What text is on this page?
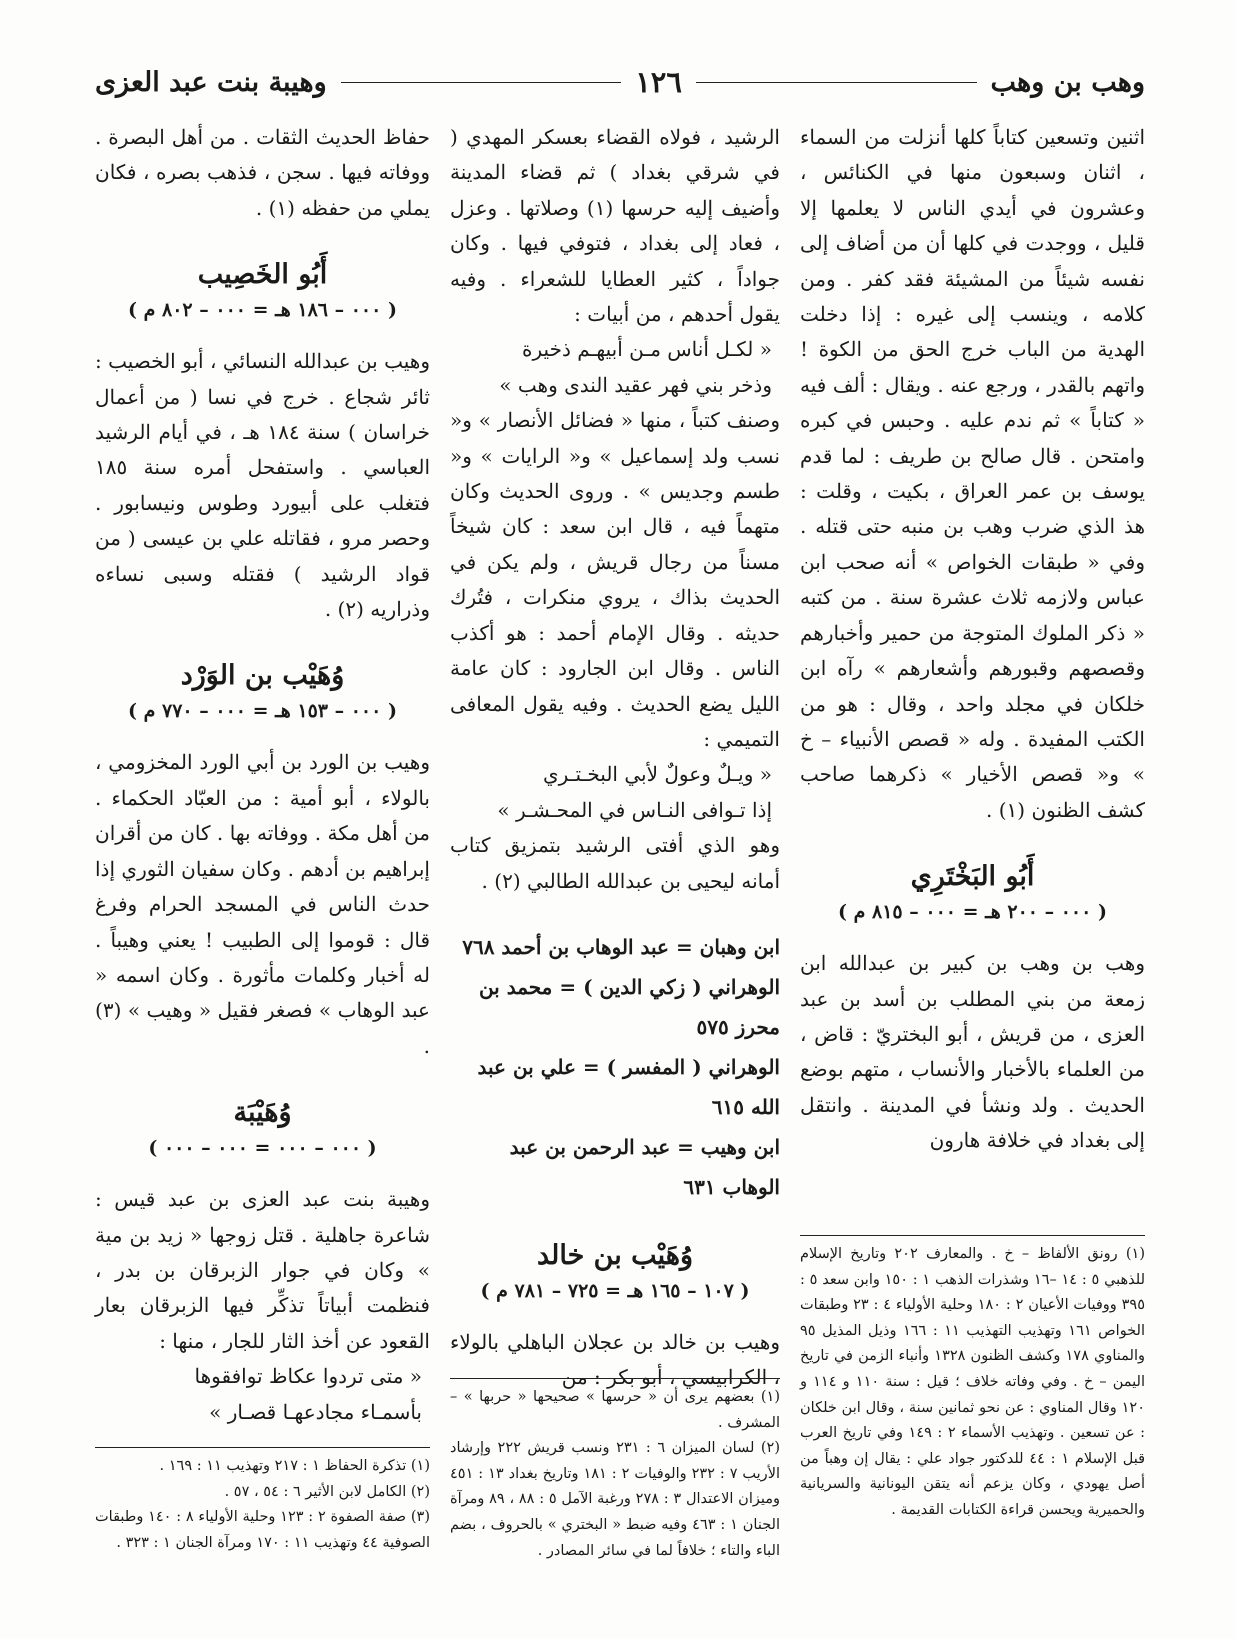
وهب بن وهب
١٢٦
وهيبة بنت عبد العزى

اثنين وتسعين كتاباً كلها أنزلت من السماء ، اثنان وسبعون منها في الكنائس ، وعشرون في أيدي الناس لا يعلمها إلا قليل ، ووجدت في كلها أن من أضاف إلى نفسه شيئاً من المشيئة فقد كفر . ومن كلامه ، وينسب إلى غيره : إذا دخلت الهدية من الباب خرج الحق من الكوة ! واتهم بالقدر ، ورجع عنه . ويقال : ألف فيه « كتاباً » ثم ندم عليه . وحبس في كبره وامتحن . قال صالح بن طريف : لما قدم يوسف بن عمر العراق ، بكيت ، وقلت : هذ الذي ضرب وهب بن منبه حتى قتله . وفي « طبقات الخواص » أنه صحب ابن عباس ولازمه ثلاث عشرة سنة . من كتبه « ذكر الملوك المتوجة من حمير وأخبارهم وقصصهم وقبورهم وأشعارهم » رآه ابن خلكان في مجلد واحد ، وقال : هو من الكتب المفيدة . وله « قصص الأنبياء – خ » و« قصص الأخيار » ذكرهما صاحب كشف الظنون (١) .

أَبُو البَخْتَرِي
( ٠٠٠ – ٢٠٠ هـ = ٠٠٠ – ٨١٥ م )

وهب بن وهب بن كبير بن عبدالله ابن زمعة من بني المطلب بن أسد بن عبد العزى ، من قريش ، أبو البختريّ : قاض ، من العلماء بالأخبار والأنساب ، متهم بوضع الحديث . ولد ونشأ في المدينة . وانتقل إلى بغداد في خلافة هارون

(١) رونق الألفاظ – خ . والمعارف ٢٠٢ وتاريخ الإسلام للذهبي ٥ : ١٤ –١٦ وشذرات الذهب ١ : ١٥٠ وابن سعد ٥ : ٣٩٥ ووفيات الأعيان ٢ : ١٨٠ وحلية الأولياء ٤ : ٢٣ وطبقات الخواص ١٦١ وتهذيب التهذيب ١١ : ١٦٦ وذيل المذيل ٩٥ والمناوي ١٧٨ وكشف الظنون ١٣٢٨ وأنباء الزمن في تاريخ اليمن – خ . وفي وفاته خلاف ؛ قيل : سنة ١١٠ و ١١٤ و ١٢٠ وقال المناوي : عن نحو ثمانين سنة ، وقال ابن خلكان : عن تسعين . وتهذيب الأسماء ٢ : ١٤٩ وفي تاريخ العرب قبل الإسلام ١ : ٤٤ للدكتور جواد علي : يقال إن وهباً من أصل يهودي ، وكان يزعم أنه يتقن اليونانية والسريانية والحميرية ويحسن قراءة الكتابات القديمة .

الرشيد ، فولاه القضاء بعسكر المهدي ( في شرقي بغداد ) ثم قضاء المدينة وأضيف إليه حرسها (١) وصلاتها . وعزل ، فعاد إلى بغداد ، فتوفي فيها . وكان جواداً ، كثير العطايا للشعراء . وفيه يقول أحدهم ، من أبيات :

« لكـل أناس مـن أبيهـم ذخيرة

وذخر بني فهر عقيد الندى وهب »

وصنف كتباً ، منها « فضائل الأنصار » و« نسب ولد إسماعيل » و« الرايات » و« طسم وجديس » . وروى الحديث وكان متهماً فيه ، قال ابن سعد : كان شيخاً مسناً من رجال قريش ، ولم يكن في الحديث بذاك ، يروي منكرات ، فتُرك حديثه . وقال الإمام أحمد : هو أكذب الناس . وقال ابن الجارود : كان عامة الليل يضع الحديث . وفيه يقول المعافى التميمي :

« ويـلٌ وعولٌ لأبي البخـتـري

إذا تـوافى النـاس في المحـشـر »

وهو الذي أفتى الرشيد بتمزيق كتاب أمانه ليحيى بن عبدالله الطالبي (٢) .

ابن وهبان = عبد الوهاب بن أحمد ٧٦٨

الوهراني ( زكي الدين ) = محمد بن محرز ٥٧٥

الوهراني ( المفسر ) = علي بن عبد الله ٦١٥

ابن وهيب = عبد الرحمن بن عبد الوهاب ٦٣١

وُهَيْب بن خالد
( ١٠٧ – ١٦٥ هـ = ٧٢٥ – ٧٨١ م )

وهيب بن خالد بن عجلان الباهلي بالولاء ، الكرابيسي ، أبو بكر : من

(١) بعضهم يرى أن « حرسها » صحيحها « حربها » – المشرف .

(٢) لسان الميزان ٦ : ٢٣١ ونسب قريش ٢٢٢ وإرشاد الأريب ٧ : ٢٣٢ والوفيات ٢ : ١٨١ وتاريخ بغداد ١٣ : ٤٥١ وميزان الاعتدال ٣ : ٢٧٨ ورغبة الآمل ٥ : ٨٨ ، ٨٩ ومرآة الجنان ١ : ٤٦٣ وفيه ضبط « البختري » بالحروف ، بضم الباء والتاء ؛ خلافاً لما في سائر المصادر .

حفاظ الحديث الثقات . من أهل البصرة . ووفاته فيها . سجن ، فذهب بصره ، فكان يملي من حفظه (١) .

أَبُو الخَصِيب
( ٠٠٠ – ١٨٦ هـ = ٠٠٠ – ٨٠٢ م )

وهيب بن عبدالله النسائي ، أبو الخصيب : ثائر شجاع . خرج في نسا ( من أعمال خراسان ) سنة ١٨٤ هـ ، في أيام الرشيد العباسي . واستفحل أمره سنة ١٨٥ فتغلب على أبيورد وطوس ونيسابور . وحصر مرو ، فقاتله علي بن عيسى ( من قواد الرشيد ) فقتله وسبى نساءه وذراريه (٢) .

وُهَيْب بن الوَرْد
( ٠٠٠ – ١٥٣ هـ = ٠٠٠ – ٧٧٠ م )

وهيب بن الورد بن أبي الورد المخزومي ، بالولاء ، أبو أمية : من العبّاد الحكماء . من أهل مكة . ووفاته بها . كان من أقران إبراهيم بن أدهم . وكان سفيان الثوري إذا حدث الناس في المسجد الحرام وفرغ قال : قوموا إلى الطبيب ! يعني وهيباً . له أخبار وكلمات مأثورة . وكان اسمه « عبد الوهاب » فصغر فقيل « وهيب » (٣) .

وُهَيْبَة
( ٠٠٠ – ٠٠٠ = ٠٠٠ – ٠٠٠ )

وهيبة بنت عبد العزى بن عبد قيس : شاعرة جاهلية . قتل زوجها « زيد بن مية » وكان في جوار الزبرقان بن بدر ، فنظمت أبياتاً تذكِّر فيها الزبرقان بعار القعود عن أخذ الثار للجار ، منها :

« متى تردوا عكاظ توافقوها

بأسمـاء مجادعهـا قصـار »

(١) تذكرة الحفاظ ١ : ٢١٧ وتهذيب ١١ : ١٦٩ .

(٢) الكامل لابن الأثير ٦ : ٥٤ ، ٥٧ .

(٣) صفة الصفوة ٢ : ١٢٣ وحلية الأولياء ٨ : ١٤٠ وطبقات الصوفية ٤٤ وتهذيب ١١ : ١٧٠ ومرآة الجنان ١ : ٣٢٣ .
